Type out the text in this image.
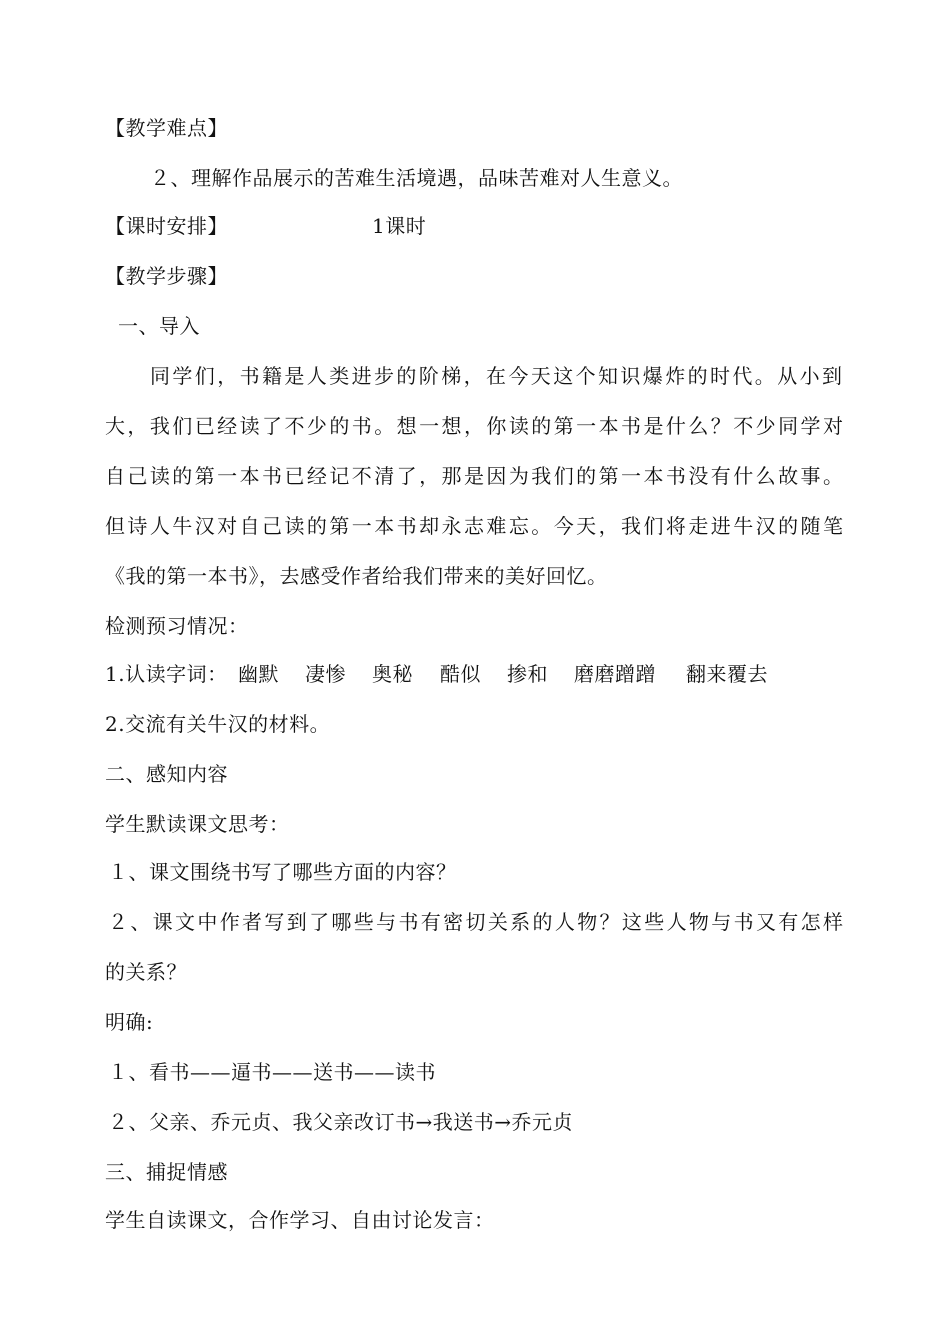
【教学难点】
２、理解作品展示的苦难生活境遇，品味苦难对人生意义。
【课时安排】	1课时
【教学步骤】
一、导入
同学们，书籍是人类进步的阶梯，在今天这个知识爆炸的时代。从小到
大，我们已经读了不少的书。想一想，你读的第一本书是什么？不少同学对
自己读的第一本书已经记不清了，那是因为我们的第一本书没有什么故事。
但诗人牛汉对自己读的第一本书却永志难忘。今天，我们将走进牛汉的随笔
《我的第一本书》，去感受作者给我们带来的美好回忆。
检测预习情况：
1.认读字词： 幽默 凄惨 奥秘 酷似 掺和 磨磨蹭蹭 翻来覆去
2.交流有关牛汉的材料。
二、感知内容
学生默读课文思考：
１、课文围绕书写了哪些方面的内容？
２、课文中作者写到了哪些与书有密切关系的人物？这些人物与书又有怎样
的关系？
明确:
１、看书——逼书——送书——读书
２、父亲、乔元贞、我父亲改订书→我送书→乔元贞
三、捕捉情感
学生自读课文，合作学习、自由讨论发言：
